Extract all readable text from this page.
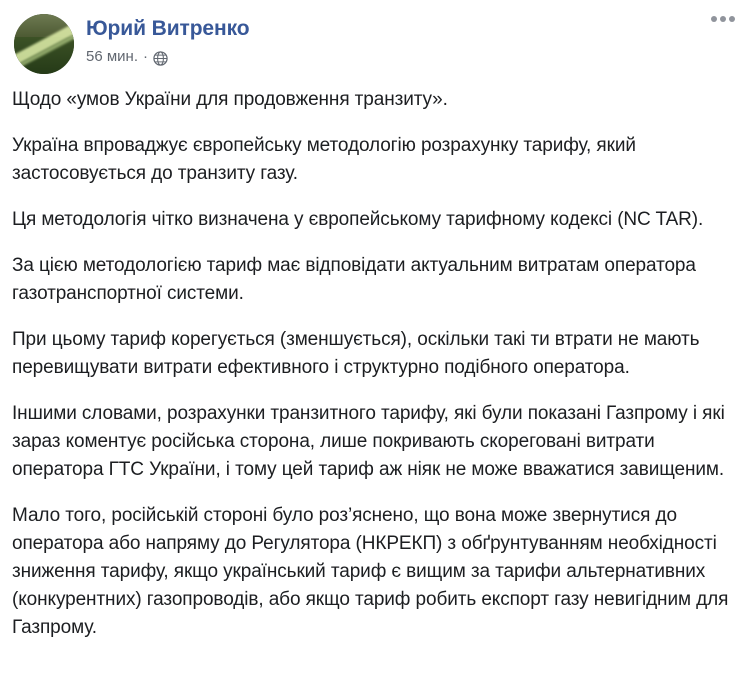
Юрий Витренко
56 мин. ·

Щодо «умов України для продовження транзиту».

Україна впроваджує європейську методологію розрахунку тарифу, який застосовується до транзиту газу.

Ця методологія чітко визначена у європейському тарифному кодексі (NC TAR).

За цією методологією тариф має відповідати актуальним витратам оператора газотранспортної системи.

При цьому тариф корегується (зменшується), оскільки такі ти втрати не мають перевищувати витрати ефективного і структурно подібного оператора.

Іншими словами, розрахунки транзитного тарифу, які були показані Газпрому і які зараз коментує російська сторона, лише покривають скореговані витрати оператора ГТС України, і тому цей тариф аж ніяк не може вважатися завищеним.

Мало того, російській стороні було роз’яснено, що вона може звернутися до оператора або напряму до Регулятора (НКРЕКП) з обґрунтуванням необхідності зниження тарифу, якщо український тариф є вищим за тарифи альтернативних (конкурентних) газопроводів, або якщо тариф робить експорт газу невигідним для Газпрому.
